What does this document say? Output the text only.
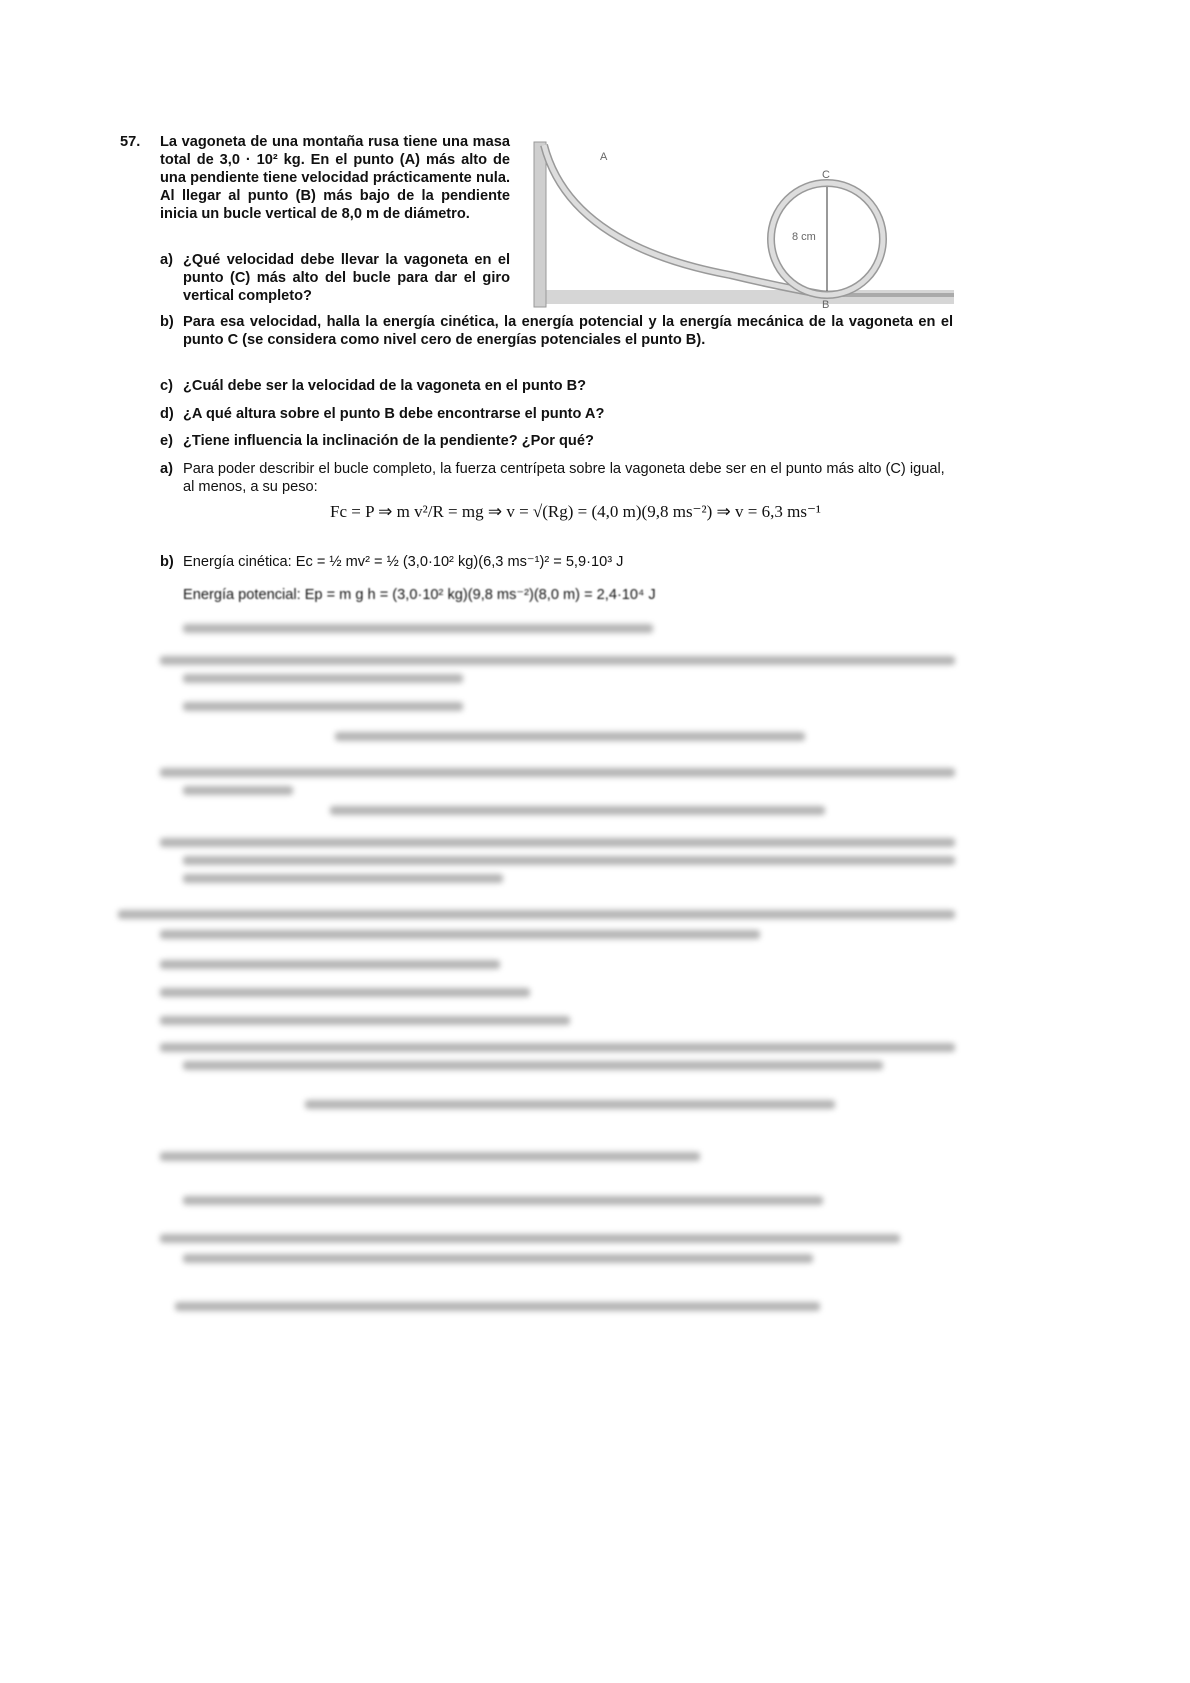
57. La vagoneta de una montaña rusa tiene una masa total de 3,0 · 10² kg. En el punto (A) más alto de una pendiente tiene velocidad prácticamente nula. Al llegar al punto (B) más bajo de la pendiente inicia un bucle vertical de 8,0 m de diámetro.
a) ¿Qué velocidad debe llevar la vagoneta en el punto (C) más alto del bucle para dar el giro vertical completo?
b) Para esa velocidad, halla la energía cinética, la energía potencial y la energía mecánica de la vagoneta en el punto C (se considera como nivel cero de energías potenciales el punto B).
c) ¿Cuál debe ser la velocidad de la vagoneta en el punto B?
d) ¿A qué altura sobre el punto B debe encontrarse el punto A?
e) ¿Tiene influencia la inclinación de la pendiente? ¿Por qué?
A
C
B
8 cm
a) Para poder describir el bucle completo, la fuerza centrípeta sobre la vagoneta debe ser en el punto más alto (C) igual, al menos, a su peso:
Fc = P ⇒ m v²/R = mg ⇒ v = √(Rg) = (4,0 m)(9,8 ms⁻²) ⇒ v = 6,3 ms⁻¹
b) Energía cinética: Ec = ½ mv² = ½ (3,0·10² kg)(6,3 ms⁻¹)² = 5,9·10³ J
Energía potencial: Ep = m g h = (3,0·10² kg)(9,8 ms⁻²)(8,0 m) = 2,4·10⁴ J
